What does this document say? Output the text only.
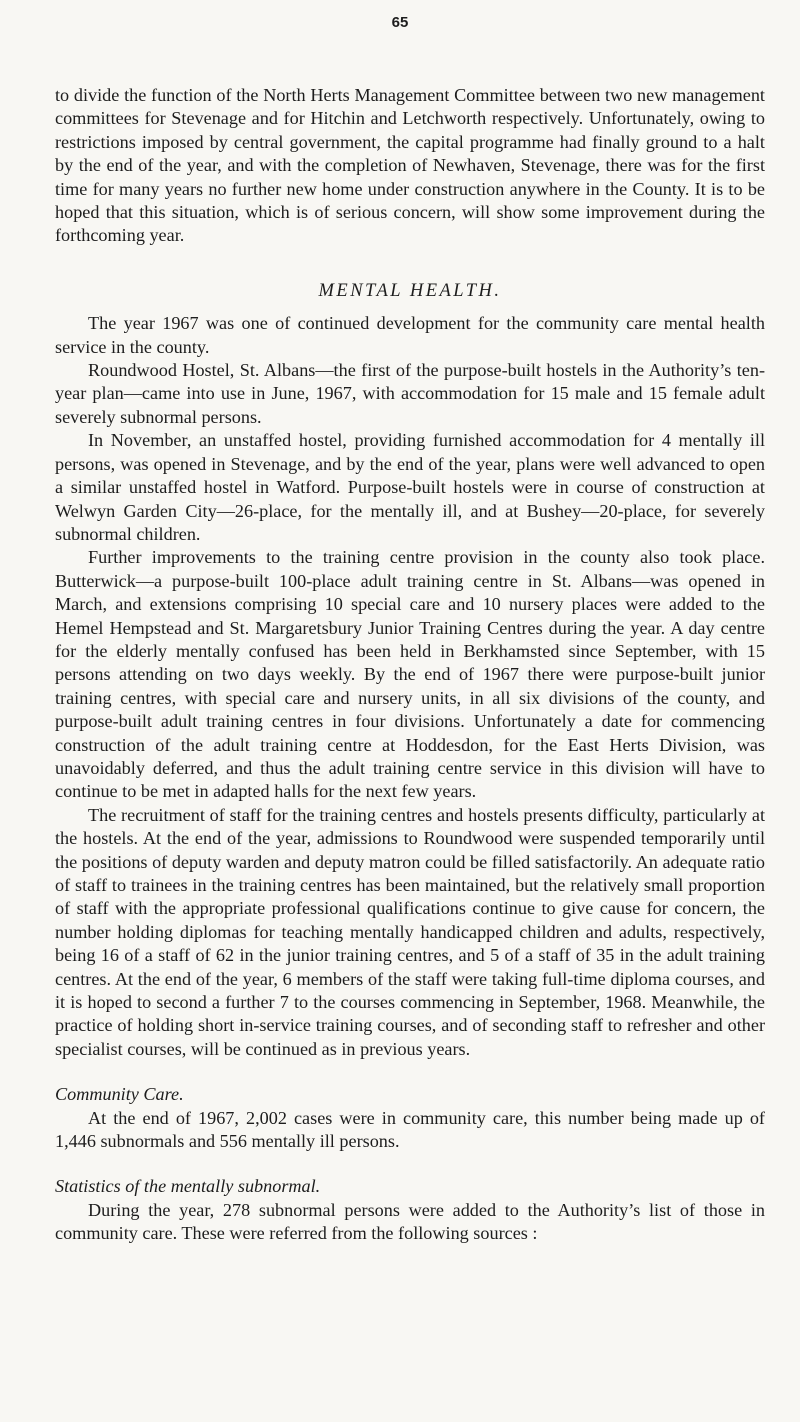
65

to divide the function of the North Herts Management Committee between two new management committees for Stevenage and for Hitchin and Letchworth respectively. Unfortunately, owing to restrictions imposed by central government, the capital programme had finally ground to a halt by the end of the year, and with the completion of Newhaven, Stevenage, there was for the first time for many years no further new home under construction anywhere in the County. It is to be hoped that this situation, which is of serious concern, will show some improvement during the forthcoming year.

MENTAL HEALTH.

The year 1967 was one of continued development for the community care mental health service in the county.

Roundwood Hostel, St. Albans—the first of the purpose-built hostels in the Authority’s ten-year plan—came into use in June, 1967, with accommodation for 15 male and 15 female adult severely subnormal persons.

In November, an unstaffed hostel, providing furnished accommodation for 4 mentally ill persons, was opened in Stevenage, and by the end of the year, plans were well advanced to open a similar unstaffed hostel in Watford. Purpose-built hostels were in course of construction at Welwyn Garden City—26-place, for the mentally ill, and at Bushey—20-place, for severely subnormal children.

Further improvements to the training centre provision in the county also took place. Butterwick—a purpose-built 100-place adult training centre in St. Albans—was opened in March, and extensions comprising 10 special care and 10 nursery places were added to the Hemel Hempstead and St. Margaretsbury Junior Training Centres during the year. A day centre for the elderly mentally confused has been held in Berkhamsted since September, with 15 persons attending on two days weekly. By the end of 1967 there were purpose-built junior training centres, with special care and nursery units, in all six divisions of the county, and purpose-built adult training centres in four divisions. Unfortunately a date for commencing construction of the adult training centre at Hoddesdon, for the East Herts Division, was unavoidably deferred, and thus the adult training centre service in this division will have to continue to be met in adapted halls for the next few years.

The recruitment of staff for the training centres and hostels presents difficulty, particularly at the hostels. At the end of the year, admissions to Roundwood were suspended temporarily until the positions of deputy warden and deputy matron could be filled satisfactorily. An adequate ratio of staff to trainees in the training centres has been maintained, but the relatively small proportion of staff with the appropriate professional qualifications continue to give cause for concern, the number holding diplomas for teaching mentally handicapped children and adults, respectively, being 16 of a staff of 62 in the junior training centres, and 5 of a staff of 35 in the adult training centres. At the end of the year, 6 members of the staff were taking full-time diploma courses, and it is hoped to second a further 7 to the courses commencing in September, 1968. Meanwhile, the practice of holding short in-service training courses, and of seconding staff to refresher and other specialist courses, will be continued as in previous years.

Community Care.

At the end of 1967, 2,002 cases were in community care, this number being made up of 1,446 subnormals and 556 mentally ill persons.

Statistics of the mentally subnormal.

During the year, 278 subnormal persons were added to the Authority’s list of those in community care. These were referred from the following sources :
